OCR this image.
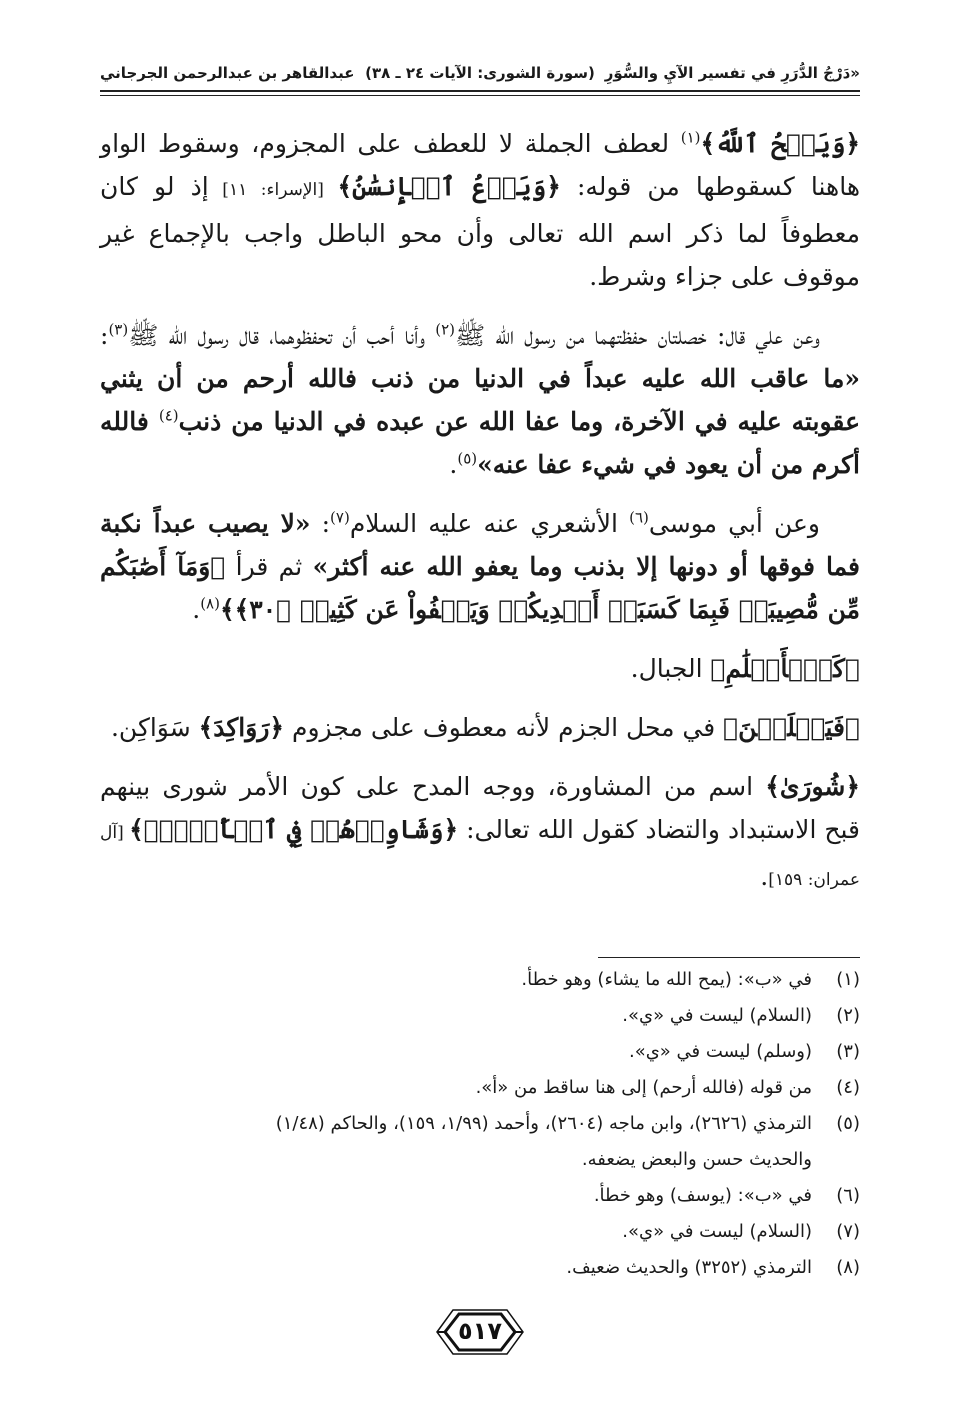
«دَرْجُ الدُّرَرِ في تفسير الآيِ والسُّوَرِ
(سورة الشورى: الآيات ٢٤ ـ ٣٨)
عبدالقاهر بن عبدالرحمن الجرجاني

﴿وَيَمۡحُ ٱللَّهُ﴾$^{(١)}$ لعطف الجملة لا للعطف على المجزوم، وسقوط الواو هاهنا كسقوطها من قوله: ﴿وَيَدۡعُ ٱلۡإِنسَٰنُ﴾ [الإسراء: ١١] إذ لو كان معطوفاً لما ذكر اسم الله تعالى وأن محو الباطل واجب بالإجماع غير موقوف على جزاء وشرط.

وعن علي قال: خصلتان حفظتهما من رسول الله ﷺ$^{(٢)}$ وأنا أحب أن تحفظوهما، قال رسول الله ﷺ$^{(٣)}$: «ما عاقب الله عليه عبداً في الدنيا من ذنب فالله أرحم من أن يثني عقوبته عليه في الآخرة، وما عفا الله عن عبده في الدنيا من ذنب$^{(٤)}$ فالله أكرم من أن يعود في شيء عفا عنه»$^{(٥)}$.

وعن أبي موسى$^{(٦)}$ الأشعري عنه عليه السلام$^{(٧)}$: «لا يصيب عبداً نكبة فما فوقها أو دونها إلا بذنب وما يعفو الله عنه أكثر» ثم قرأ ﴿وَمَآ أَصَٰبَكُم مِّن مُّصِيبَةٖ فَبِمَا كَسَبَتۡ أَيۡدِيكُمۡ وَيَعۡفُواْ عَن كَثِيرٖ ﴿٣٠﴾﴾$^{(٨)}$.

﴿كَٱلۡأَعۡلَٰمِ﴾ الجبال.

﴿فَيَظۡلَلۡنَ﴾ في محل الجزم لأنه معطوف على مجزوم ﴿رَوَاكِدَ﴾ سَوَاكِن.

﴿شُورَىٰ﴾ اسم من المشاورة، ووجه المدح على كون الأمر شورى بينهم قبح الاستبداد والتضاد كقول الله تعالى: ﴿وَشَاوِرۡهُمۡ فِي ٱلۡأَمۡرِۖ﴾ [آل عمران: ١٥٩].

(١)
في «ب»: (يمح الله ما يشاء) وهو خطأ.
(٢)
(السلام) ليست في «ي».
(٣)
(وسلم) ليست في «ي».
(٤)
من قوله (فالله أرحم) إلى هنا ساقط من «أ».
(٥)
الترمذي (٢٦٢٦)، وابن ماجه (٢٦٠٤)، وأحمد (١/٩٩، ١٥٩)، والحاكم (١/٤٨)
والحديث حسن والبعض يضعفه.
(٦)
في «ب»: (يوسف) وهو خطأ.
(٧)
(السلام) ليست في «ي».
(٨)
الترمذي (٣٢٥٢) والحديث ضعيف.
٥١٧
